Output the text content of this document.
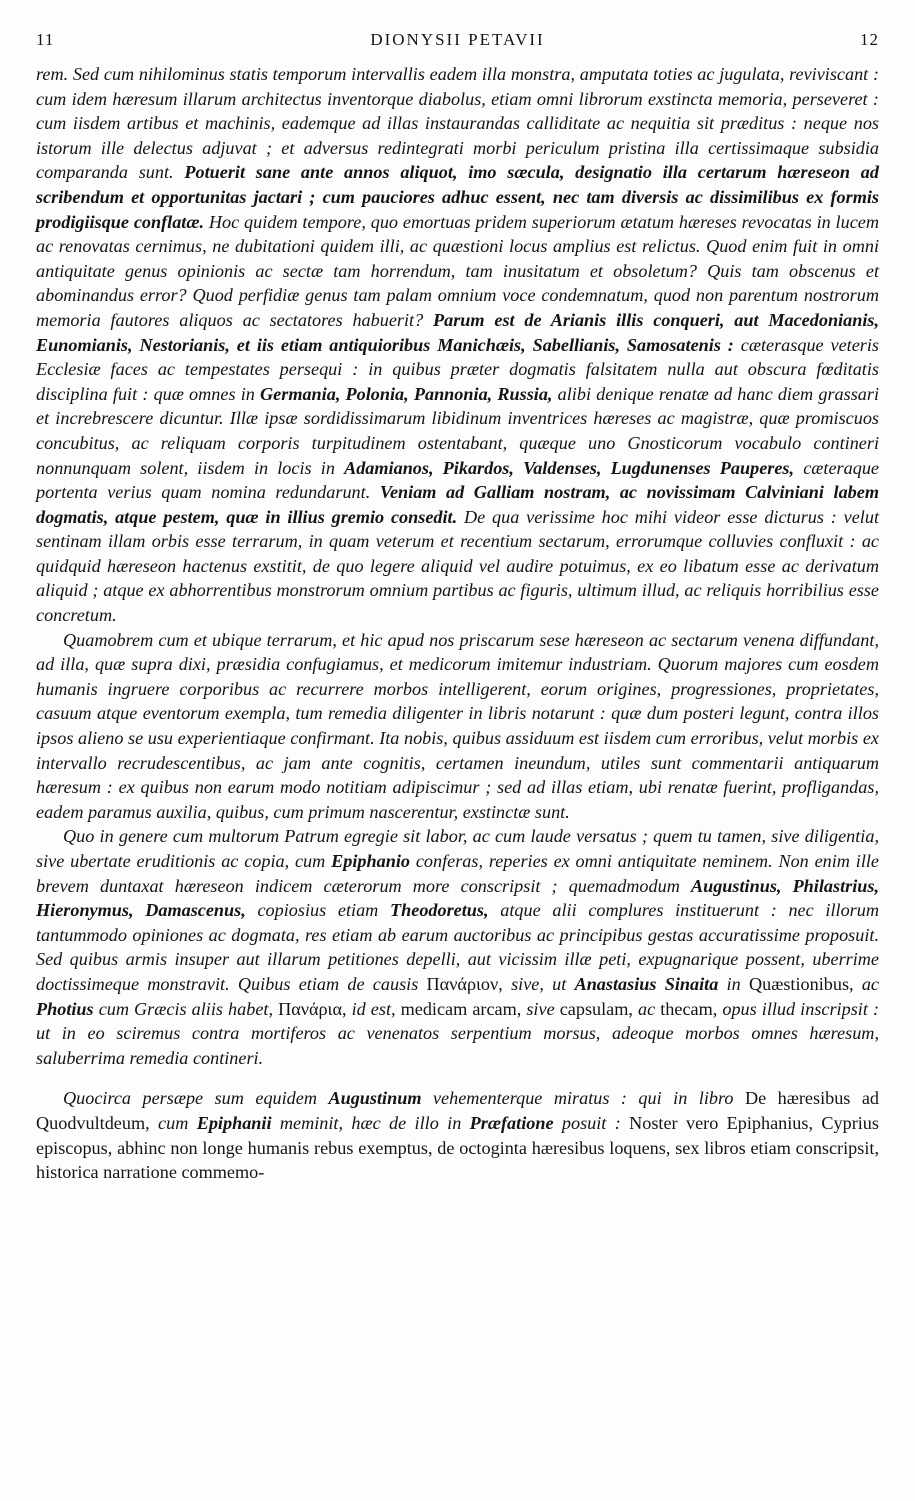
11	DIONYSII PETAVII	12

rem. Sed cum nihilominus statis temporum intervallis eadem illa monstra, amputata toties ac jugulata, reviviscant : cum idem hæresum illarum architectus inventorque diabolus, etiam omni librorum exstincta memoria, perseveret : cum iisdem artibus et machinis, eademque ad illas instaurandas calliditate ac nequitia sit præditus : neque nos istorum ille delectus adjuvat ; et adversus redintegrati morbi periculum pristina illa certissimaque subsidia comparanda sunt. Potuerit sane ante annos aliquot, imo sæcula, designatio illa certarum hæreseon ad scribendum et opportunitas jactari ; cum pauciores adhuc essent, nec tam diversis ac dissimilibus ex formis prodigiisque conflatæ. Hoc quidem tempore, quo emortuas pridem superiorum ætatum hæreses revocatas in lucem ac renovatas cernimus, ne dubitationi quidem illi, ac quæstioni locus amplius est relictus. Quod enim fuit in omni antiquitate genus opinionis ac sectæ tam horrendum, tam inusitatum et obsoletum? Quis tam obscenus et abominandus error? Quod perfidiæ genus tam palam omnium voce condemnatum, quod non parentum nostrorum memoria fautores aliquos ac sectatores habuerit? Parum est de Arianis illis conqueri, aut Macedonianis, Eunomianis, Nestorianis, et iis etiam antiquioribus Manichæis, Sabellianis, Samosatenis : cæterasque veteris Ecclesiæ faces ac tempestates persequi : in quibus præter dogmatis falsitatem nulla aut obscura fœditatis disciplina fuit : quæ omnes in Germania, Polonia, Pannonia, Russia, alibi denique renatæ ad hanc diem grassari et increbrescere dicuntur. Illæ ipsæ sordidissimarum libidinum inventrices hæreses ac magistræ, quæ promiscuos concubitus, ac reliquam corporis turpitudinem ostentabant, quæque uno Gnosticorum vocabulo contineri nonnunquam solent, iisdem in locis in Adamianos, Pikardos, Valdenses, Lugdunenses Pauperes, cæteraque portenta verius quam nomina redundarunt. Veniam ad Galliam nostram, ac novissimam Calviniani labem dogmatis, atque pestem, quæ in illius gremio consedit. De qua verissime hoc mihi videor esse dicturus : velut sentinam illam orbis esse terrarum, in quam veterum et recentium sectarum, errorumque colluvies confluxit : ac quidquid hæreseon hactenus exstitit, de quo legere aliquid vel audire potuimus, ex eo libatum esse ac derivatum aliquid ; atque ex abhorrentibus monstrorum omnium partibus ac figuris, ultimum illud, ac reliquis horribilius esse concretum.

Quamobrem cum et ubique terrarum, et hic apud nos priscarum sese hæreseon ac sectarum venena diffundant, ad illa, quæ supra dixi, præsidia confugiamus, et medicorum imitemur industriam. Quorum majores cum eosdem humanis ingruere corporibus ac recurrere morbos intelligerent, eorum origines, progressiones, proprietates, casuum atque eventorum exempla, tum remedia diligenter in libris notarunt : quæ dum posteri legunt, contra illos ipsos alieno se usu experientiaque confirmant. Ita nobis, quibus assiduum est iisdem cum erroribus, velut morbis ex intervallo recrudescentibus, ac jam ante cognitis, certamen ineundum, utiles sunt commentarii antiquarum hæresum : ex quibus non earum modo notitiam adipiscimur ; sed ad illas etiam, ubi renatæ fuerint, profligandas, eadem paramus auxilia, quibus, cum primum nascerentur, exstinctæ sunt.

Quo in genere cum multorum Patrum egregie sit labor, ac cum laude versatus ; quem tu tamen, sive diligentia, sive ubertate eruditionis ac copia, cum Epiphanio conferas, reperies ex omni antiquitate neminem. Non enim ille brevem duntaxat hæreseon indicem cæterorum more conscripsit ; quemadmodum Augustinus, Philastrius, Hieronymus, Damascenus, copiosius etiam Theodoretus, atque alii complures instituerunt : nec illorum tantummodo opiniones ac dogmata, res etiam ab earum auctoribus ac principibus gestas accuratissime proposuit. Sed quibus armis insuper aut illarum petitiones depelli, aut vicissim illæ peti, expugnarique possent, uberrime doctissimeque monstravit. Quibus etiam de causis Πανάριον, sive, ut Anastasius Sinaita in Quæstionibus, ac Photius cum Græcis aliis habet, Πανάρια, id est, medicam arcam, sive capsulam, ac thecam, opus illud inscripsit : ut in eo sciremus contra mortiferos ac venenatos serpentium morsus, adeoque morbos omnes hæresum, saluberrima remedia contineri.

Quocirca persæpe sum equidem Augustinum vehementerque miratus : qui in libro De hæresibus ad Quodvultdeum, cum Epiphanii meminit, hæc de illo in Præfatione posuit : Noster vero Epiphanius, Cyprius episcopus, abhinc non longe humanis rebus exemptus, de octoginta hæresibus loquens, sex libros etiam conscripsit, historica narratione commemo-
